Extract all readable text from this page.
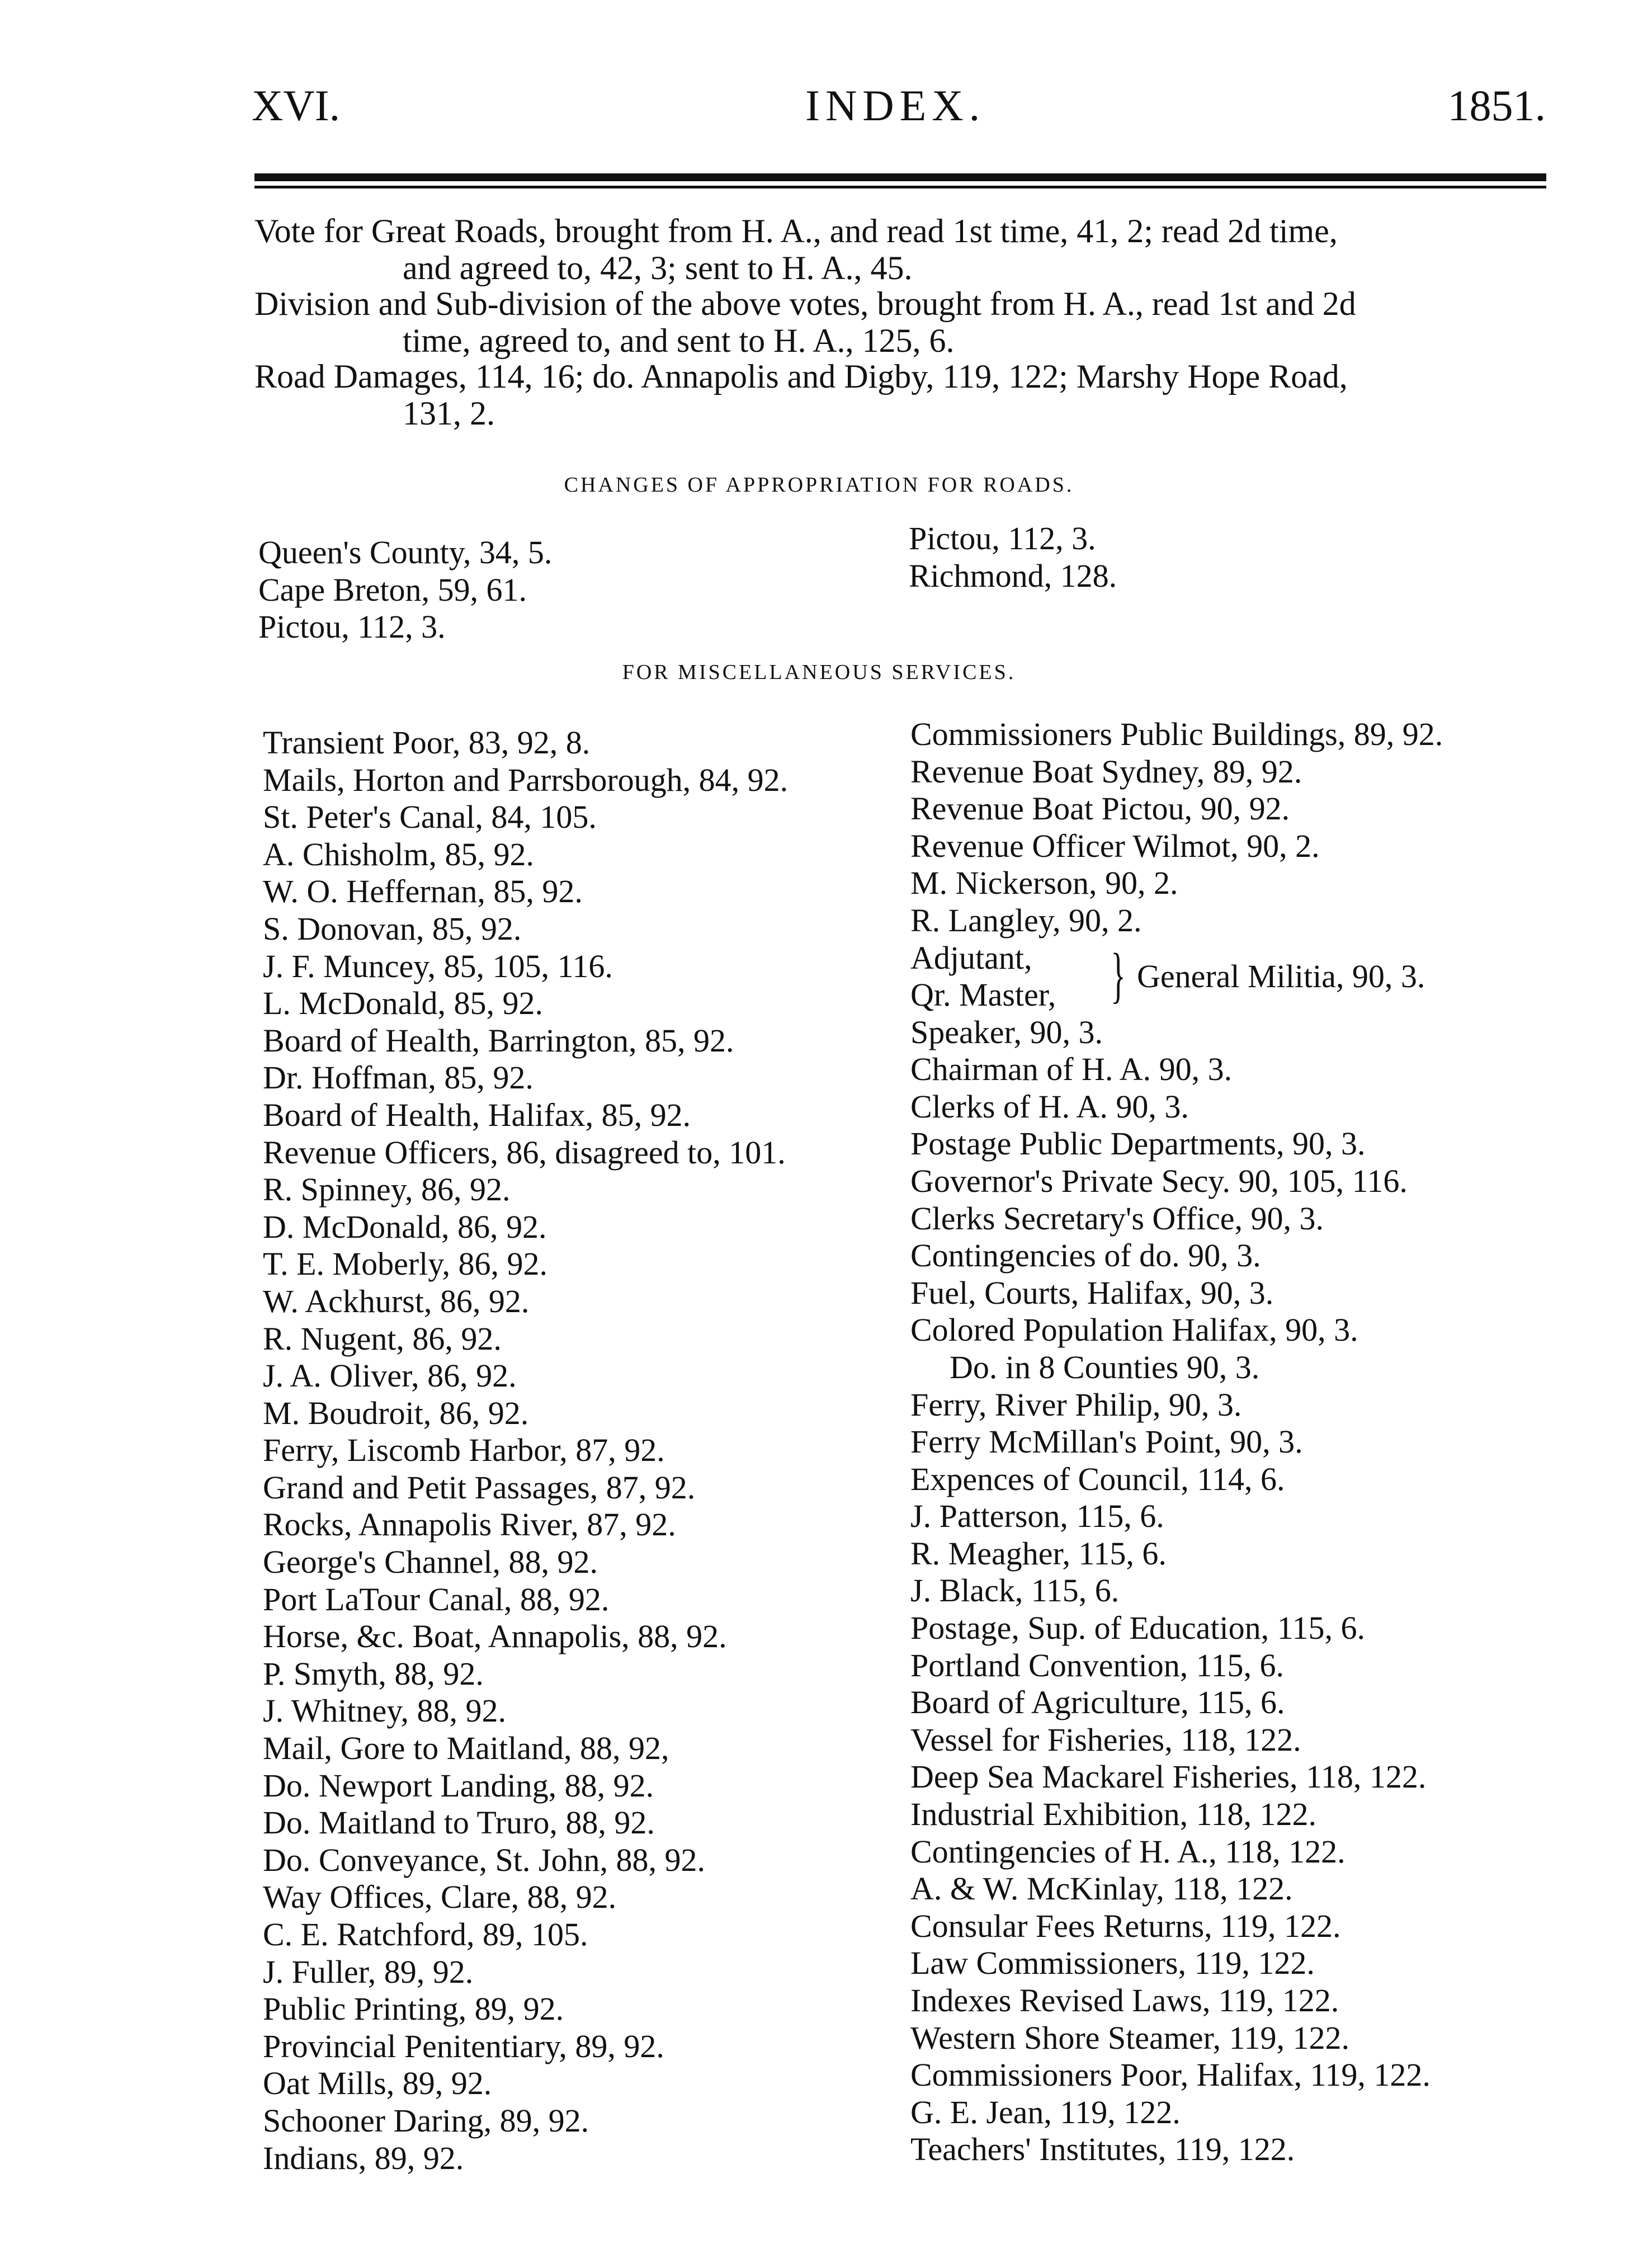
XVI.	INDEX.	1851.
Vote for Great Roads, brought from H. A., and read 1st time, 41, 2; read 2d time,
and agreed to, 42, 3; sent to H. A., 45.
Division and Sub-division of the above votes, brought from H. A., read 1st and 2d
time, agreed to, and sent to H. A., 125, 6.
Road Damages, 114, 16; do. Annapolis and Digby, 119, 122; Marshy Hope Road,
131, 2.
CHANGES OF APPROPRIATION FOR ROADS.
Queen's County, 34, 5.
Cape Breton, 59, 61.
Pictou, 112, 3.
Pictou, 112, 3.
Richmond, 128.
FOR MISCELLANEOUS SERVICES.
Transient Poor, 83, 92, 8.
Mails, Horton and Parrsborough, 84, 92.
St. Peter's Canal, 84, 105.
A. Chisholm, 85, 92.
W. O. Heffernan, 85, 92.
S. Donovan, 85, 92.
J. F. Muncey, 85, 105, 116.
L. McDonald, 85, 92.
Board of Health, Barrington, 85, 92.
Dr. Hoffman, 85, 92.
Board of Health, Halifax, 85, 92.
Revenue Officers, 86, disagreed to, 101.
R. Spinney, 86, 92.
D. McDonald, 86, 92.
T. E. Moberly, 86, 92.
W. Ackhurst, 86, 92.
R. Nugent, 86, 92.
J. A. Oliver, 86, 92.
M. Boudroit, 86, 92.
Ferry, Liscomb Harbor, 87, 92.
Grand and Petit Passages, 87, 92.
Rocks, Annapolis River, 87, 92.
George's Channel, 88, 92.
Port LaTour Canal, 88, 92.
Horse, &c. Boat, Annapolis, 88, 92.
P. Smyth, 88, 92.
J. Whitney, 88, 92.
Mail, Gore to Maitland, 88, 92,
Do. Newport Landing, 88, 92.
Do. Maitland to Truro, 88, 92.
Do. Conveyance, St. John, 88, 92.
Way Offices, Clare, 88, 92.
C. E. Ratchford, 89, 105.
J. Fuller, 89, 92.
Public Printing, 89, 92.
Provincial Penitentiary, 89, 92.
Oat Mills, 89, 92.
Schooner Daring, 89, 92.
Indians, 89, 92.
Commissioners Public Buildings, 89, 92.
Revenue Boat Sydney, 89, 92.
Revenue Boat Pictou, 90, 92.
Revenue Officer Wilmot, 90, 2.
M. Nickerson, 90, 2.
R. Langley, 90, 2.
Adjutant,
Qr. Master, } General Militia, 90, 3.
Speaker, 90, 3.
Chairman of H. A. 90, 3.
Clerks of H. A. 90, 3.
Postage Public Departments, 90, 3.
Governor's Private Secy. 90, 105, 116.
Clerks Secretary's Office, 90, 3.
Contingencies of do. 90, 3.
Fuel, Courts, Halifax, 90, 3.
Colored Population Halifax, 90, 3.
Do. in 8 Counties 90, 3.
Ferry, River Philip, 90, 3.
Ferry McMillan's Point, 90, 3.
Expences of Council, 114, 6.
J. Patterson, 115, 6.
R. Meagher, 115, 6.
J. Black, 115, 6.
Postage, Sup. of Education, 115, 6.
Portland Convention, 115, 6.
Board of Agriculture, 115, 6.
Vessel for Fisheries, 118, 122.
Deep Sea Mackarel Fisheries, 118, 122.
Industrial Exhibition, 118, 122.
Contingencies of H. A., 118, 122.
A. & W. McKinlay, 118, 122.
Consular Fees Returns, 119, 122.
Law Commissioners, 119, 122.
Indexes Revised Laws, 119, 122.
Western Shore Steamer, 119, 122.
Commissioners Poor, Halifax, 119, 122.
G. E. Jean, 119, 122.
Teachers' Institutes, 119, 122.
